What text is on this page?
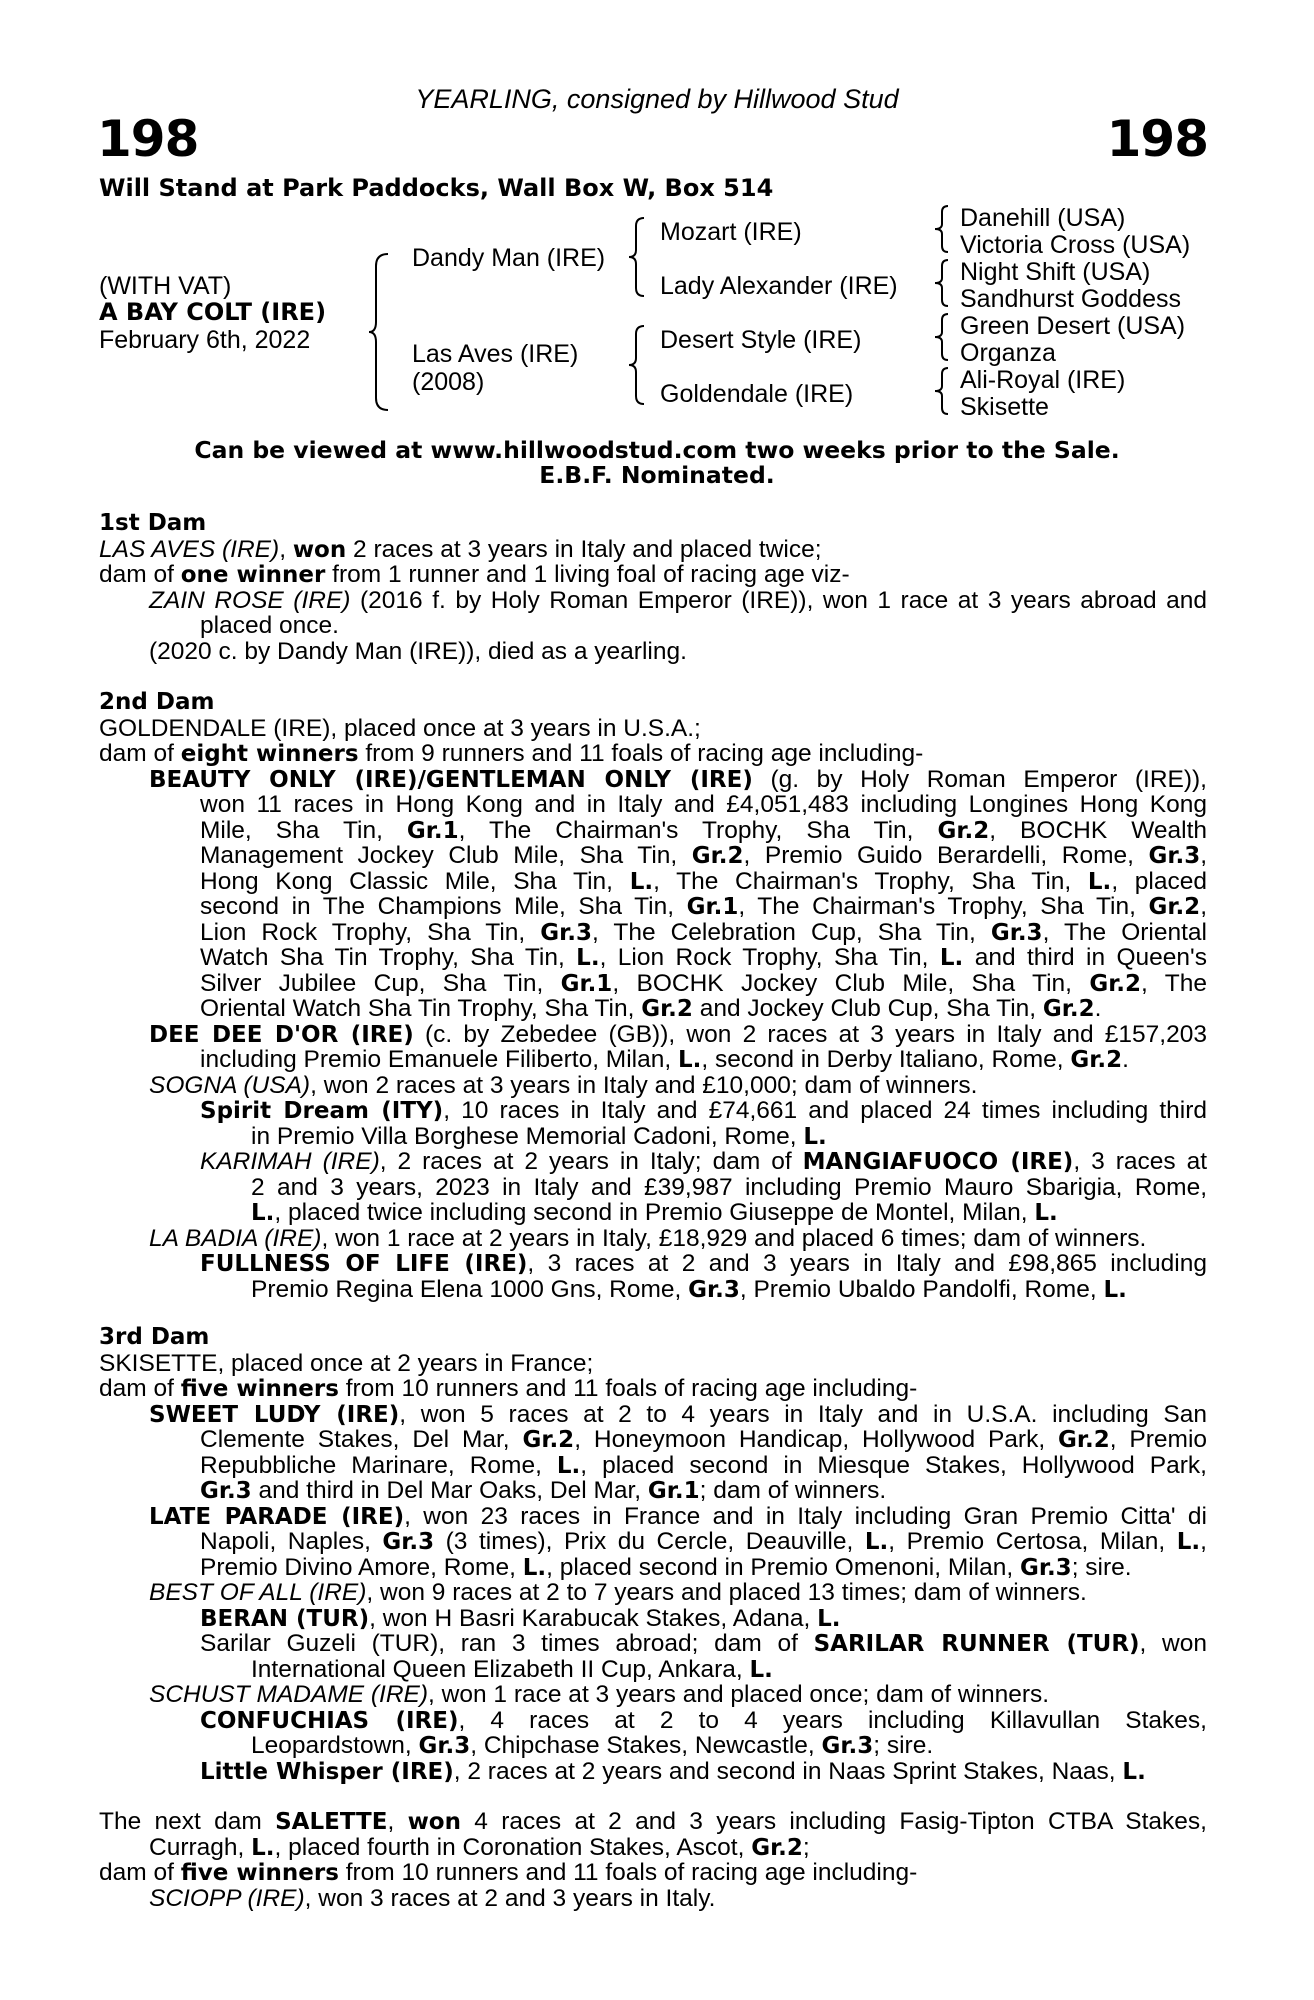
YEARLING, consigned by Hillwood Stud
198	198
Will Stand at Park Paddocks, Wall Box W, Box 514
(WITH VAT)
A BAY COLT (IRE)
February 6th, 2022
Dandy Man (IRE)
Las Aves (IRE)
(2008)
Mozart (IRE)
Lady Alexander (IRE)
Desert Style (IRE)
Goldendale (IRE)
Danehill (USA)
Victoria Cross (USA)
Night Shift (USA)
Sandhurst Goddess
Green Desert (USA)
Organza
Ali-Royal (IRE)
Skisette
Can be viewed at www.hillwoodstud.com two weeks prior to the Sale.
E.B.F. Nominated.
1st Dam
LAS AVES (IRE), won 2 races at 3 years in Italy and placed twice;
dam of one winner from 1 runner and 1 living foal of racing age viz-
ZAIN ROSE (IRE) (2016 f. by Holy Roman Emperor (IRE)), won 1 race at 3 years abroad and
placed once.
(2020 c. by Dandy Man (IRE)), died as a yearling.
2nd Dam
GOLDENDALE (IRE), placed once at 3 years in U.S.A.;
dam of eight winners from 9 runners and 11 foals of racing age including-
BEAUTY ONLY (IRE)/GENTLEMAN ONLY (IRE) (g. by Holy Roman Emperor (IRE)),
won 11 races in Hong Kong and in Italy and £4,051,483 including Longines Hong Kong
Mile, Sha Tin, Gr.1, The Chairman's Trophy, Sha Tin, Gr.2, BOCHK Wealth
Management Jockey Club Mile, Sha Tin, Gr.2, Premio Guido Berardelli, Rome, Gr.3,
Hong Kong Classic Mile, Sha Tin, L., The Chairman's Trophy, Sha Tin, L., placed
second in The Champions Mile, Sha Tin, Gr.1, The Chairman's Trophy, Sha Tin, Gr.2,
Lion Rock Trophy, Sha Tin, Gr.3, The Celebration Cup, Sha Tin, Gr.3, The Oriental
Watch Sha Tin Trophy, Sha Tin, L., Lion Rock Trophy, Sha Tin, L. and third in Queen's
Silver Jubilee Cup, Sha Tin, Gr.1, BOCHK Jockey Club Mile, Sha Tin, Gr.2, The
Oriental Watch Sha Tin Trophy, Sha Tin, Gr.2 and Jockey Club Cup, Sha Tin, Gr.2.
DEE DEE D'OR (IRE) (c. by Zebedee (GB)), won 2 races at 3 years in Italy and £157,203
including Premio Emanuele Filiberto, Milan, L., second in Derby Italiano, Rome, Gr.2.
SOGNA (USA), won 2 races at 3 years in Italy and £10,000; dam of winners.
Spirit Dream (ITY), 10 races in Italy and £74,661 and placed 24 times including third
in Premio Villa Borghese Memorial Cadoni, Rome, L.
KARIMAH (IRE), 2 races at 2 years in Italy; dam of MANGIAFUOCO (IRE), 3 races at
2 and 3 years, 2023 in Italy and £39,987 including Premio Mauro Sbarigia, Rome,
L., placed twice including second in Premio Giuseppe de Montel, Milan, L.
LA BADIA (IRE), won 1 race at 2 years in Italy, £18,929 and placed 6 times; dam of winners.
FULLNESS OF LIFE (IRE), 3 races at 2 and 3 years in Italy and £98,865 including
Premio Regina Elena 1000 Gns, Rome, Gr.3, Premio Ubaldo Pandolfi, Rome, L.
3rd Dam
SKISETTE, placed once at 2 years in France;
dam of five winners from 10 runners and 11 foals of racing age including-
SWEET LUDY (IRE), won 5 races at 2 to 4 years in Italy and in U.S.A. including San
Clemente Stakes, Del Mar, Gr.2, Honeymoon Handicap, Hollywood Park, Gr.2, Premio
Repubbliche Marinare, Rome, L., placed second in Miesque Stakes, Hollywood Park,
Gr.3 and third in Del Mar Oaks, Del Mar, Gr.1; dam of winners.
LATE PARADE (IRE), won 23 races in France and in Italy including Gran Premio Citta' di
Napoli, Naples, Gr.3 (3 times), Prix du Cercle, Deauville, L., Premio Certosa, Milan, L.,
Premio Divino Amore, Rome, L., placed second in Premio Omenoni, Milan, Gr.3; sire.
BEST OF ALL (IRE), won 9 races at 2 to 7 years and placed 13 times; dam of winners.
BERAN (TUR), won H Basri Karabucak Stakes, Adana, L.
Sarilar Guzeli (TUR), ran 3 times abroad; dam of SARILAR RUNNER (TUR), won
International Queen Elizabeth II Cup, Ankara, L.
SCHUST MADAME (IRE), won 1 race at 3 years and placed once; dam of winners.
CONFUCHIAS (IRE), 4 races at 2 to 4 years including Killavullan Stakes,
Leopardstown, Gr.3, Chipchase Stakes, Newcastle, Gr.3; sire.
Little Whisper (IRE), 2 races at 2 years and second in Naas Sprint Stakes, Naas, L.
The next dam SALETTE, won 4 races at 2 and 3 years including Fasig-Tipton CTBA Stakes,
Curragh, L., placed fourth in Coronation Stakes, Ascot, Gr.2;
dam of five winners from 10 runners and 11 foals of racing age including-
SCIOPP (IRE), won 3 races at 2 and 3 years in Italy.
